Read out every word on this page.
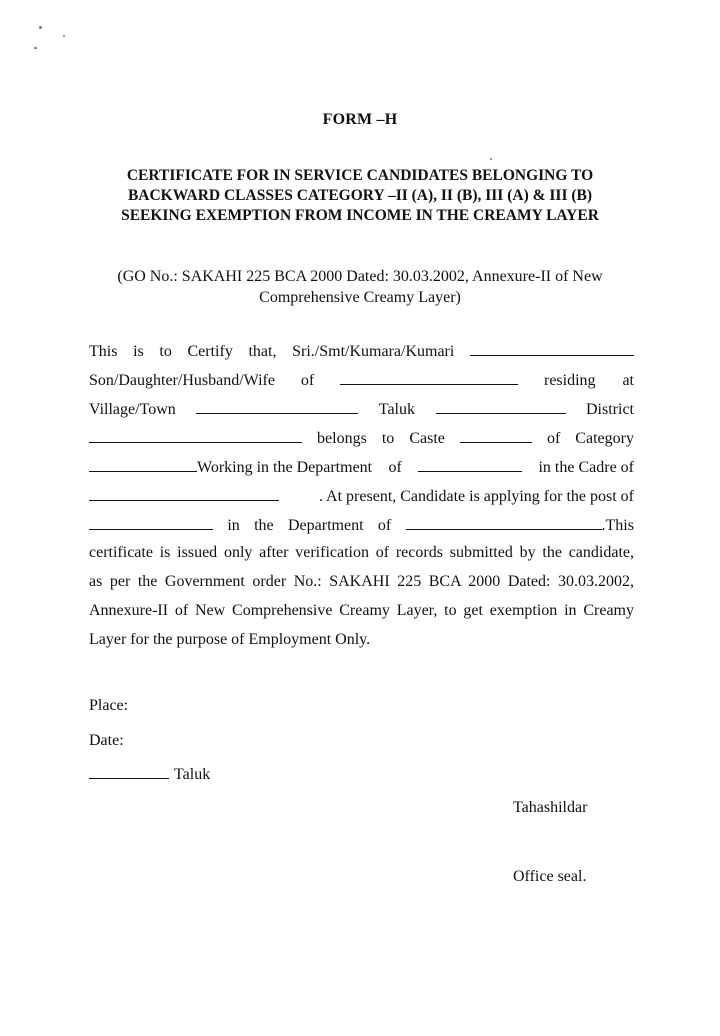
FORM –H
CERTIFICATE FOR IN SERVICE CANDIDATES BELONGING TO
BACKWARD CLASSES CATEGORY –II (A), II (B), III (A) & III (B)
SEEKING EXEMPTION FROM INCOME IN THE CREAMY LAYER
(GO No.: SAKAHI 225 BCA 2000 Dated: 30.03.2002, Annexure-II of New
Comprehensive Creamy Layer)
This is to Certify that, Sri./Smt/Kumara/Kumari
Son/Daughter/Husband/Wife of	residing at
Village/Town	Taluk	District
belongs to Caste	of Category
Working in the Department of	in the Cadre of
. At present, Candidate is applying for the post of
in the Department of	.This
certificate is issued only after verification of records submitted by the candidate,
as per the Government order No.: SAKAHI 225 BCA 2000 Dated: 30.03.2002,
Annexure-II of New Comprehensive Creamy Layer, to get exemption in Creamy
Layer for the purpose of Employment Only.
Place:
Date:
Taluk
Tahashildar
Office seal.
